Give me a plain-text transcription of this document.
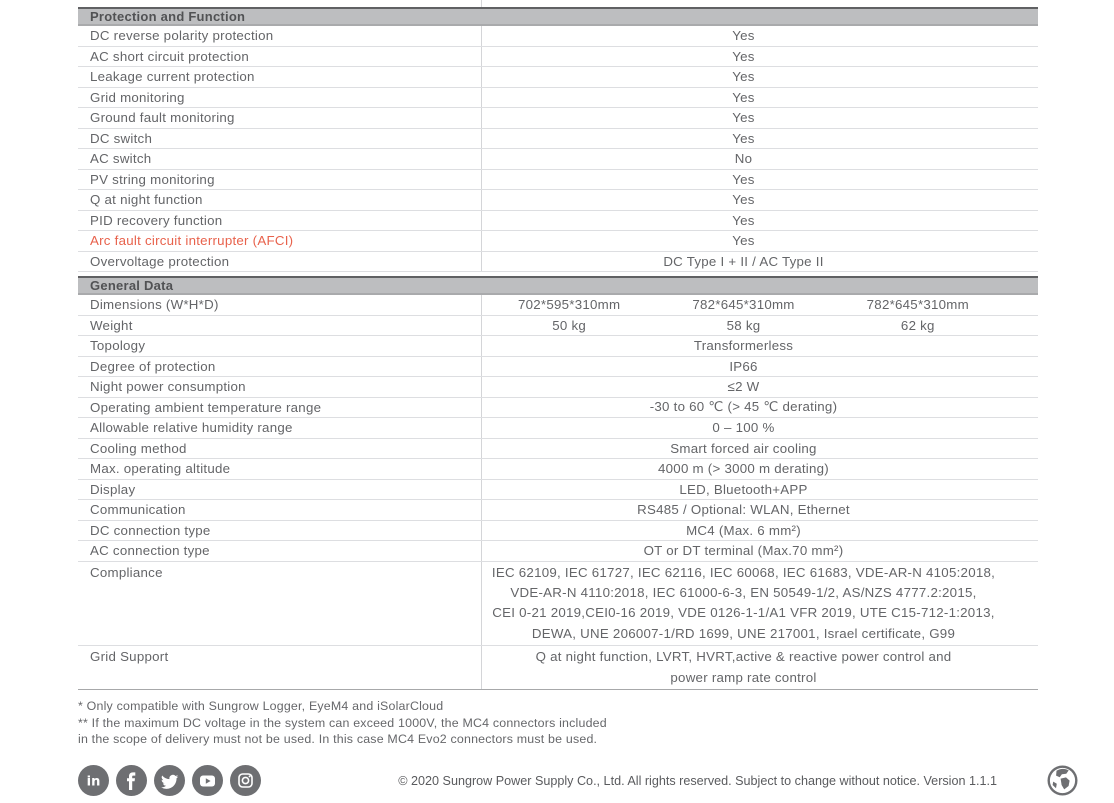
Protection and Function
DC reverse polarity protection	Yes
AC short circuit protection	Yes
Leakage current protection	Yes
Grid monitoring	Yes
Ground fault monitoring	Yes
DC switch	Yes
AC switch	No
PV string monitoring	Yes
Q at night function	Yes
PID recovery function	Yes
Arc fault circuit interrupter (AFCI)	Yes
Overvoltage protection	DC Type I + II / AC Type II
General Data
Dimensions (W*H*D)	702*595*310mm	782*645*310mm	782*645*310mm
Weight	50 kg	58 kg	62 kg
Topology	Transformerless
Degree of protection	IP66
Night power consumption	≤2 W
Operating ambient temperature range	-30 to 60 ℃ (> 45 ℃ derating)
Allowable relative humidity range	0 – 100 %
Cooling method	Smart forced air cooling
Max. operating altitude	4000 m (> 3000 m derating)
Display	LED, Bluetooth+APP
Communication	RS485 / Optional: WLAN, Ethernet
DC connection type	MC4 (Max. 6 mm²)
AC connection type	OT or DT terminal (Max.70 mm²)
Compliance	IEC 62109, IEC 61727, IEC 62116, IEC 60068, IEC 61683, VDE-AR-N 4105:2018,
VDE-AR-N 4110:2018, IEC 61000-6-3, EN 50549-1/2, AS/NZS 4777.2:2015,
CEI 0-21 2019,CEI0-16 2019, VDE 0126-1-1/A1 VFR 2019, UTE C15-712-1:2013,
DEWA, UNE 206007-1/RD 1699, UNE 217001, Israel certificate, G99
Grid Support	Q at night function, LVRT, HVRT,active & reactive power control and
power ramp rate control
* Only compatible with Sungrow Logger, EyeM4 and iSolarCloud
** If the maximum DC voltage in the system can exceed 1000V, the MC4 connectors included
in the scope of delivery must not be used. In this case MC4 Evo2 connectors must be used.
in	© 2020 Sungrow Power Supply Co., Ltd. All rights reserved. Subject to change without notice. Version 1.1.1
